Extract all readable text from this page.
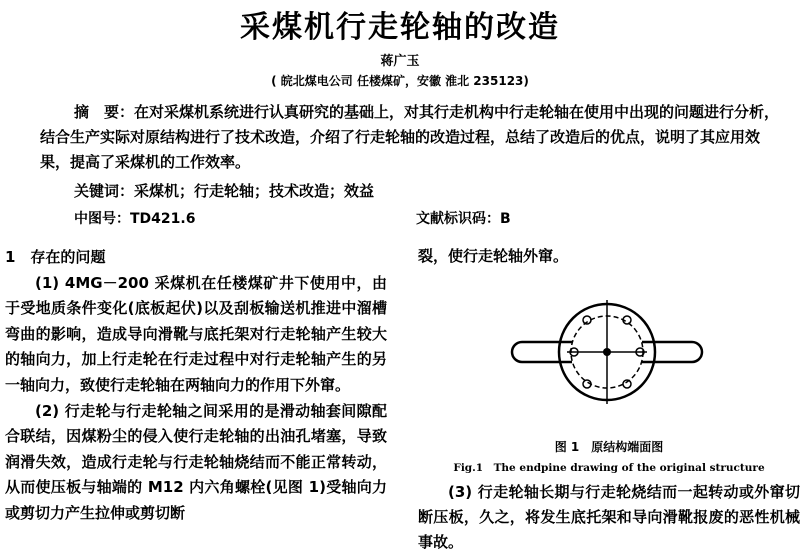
采煤机行走轮轴的改造
蒋广玉
( 皖北煤电公司 任楼煤矿，安徽 淮北 235123)
摘　要：在对采煤机系统进行认真研究的基础上，对其行走机构中行走轮轴在使用中出现的问题进行分析，结合生产实际对原结构进行了技术改造，介绍了行走轮轴的改造过程，总结了改造后的优点，说明了其应用效果，提高了采煤机的工作效率。
关键词：采煤机；行走轮轴；技术改造；效益
中图号：TD421.6	文献标识码：B
1　存在的问题

(1) 4MG－200 采煤机在任楼煤矿井下使用中，由于受地质条件变化(底板起伏)以及刮板输送机推进中溜槽弯曲的影响，造成导向滑靴与底托架对行走轮轴产生较大的轴向力，加上行走轮在行走过程中对行走轮轴产生的另一轴向力，致使行走轮轴在两轴向力的作用下外窜。

(2) 行走轮与行走轮轴之间采用的是滑动轴套间隙配合联结，因煤粉尘的侵入使行走轮轴的出油孔堵塞，导致润滑失效，造成行走轮与行走轮轴烧结而不能正常转动，从而使压板与轴端的 M12 内六角螺栓(见图 1)受轴向力或剪切力产生拉伸或剪切断

裂，使行走轮轴外窜。
图 1　原结构端面图
Fig.1　The endpine drawing of the original structure
(3) 行走轮轴长期与行走轮烧结而一起转动或外窜切断压板，久之，将发生底托架和导向滑靴报废的恶性机械事故。
